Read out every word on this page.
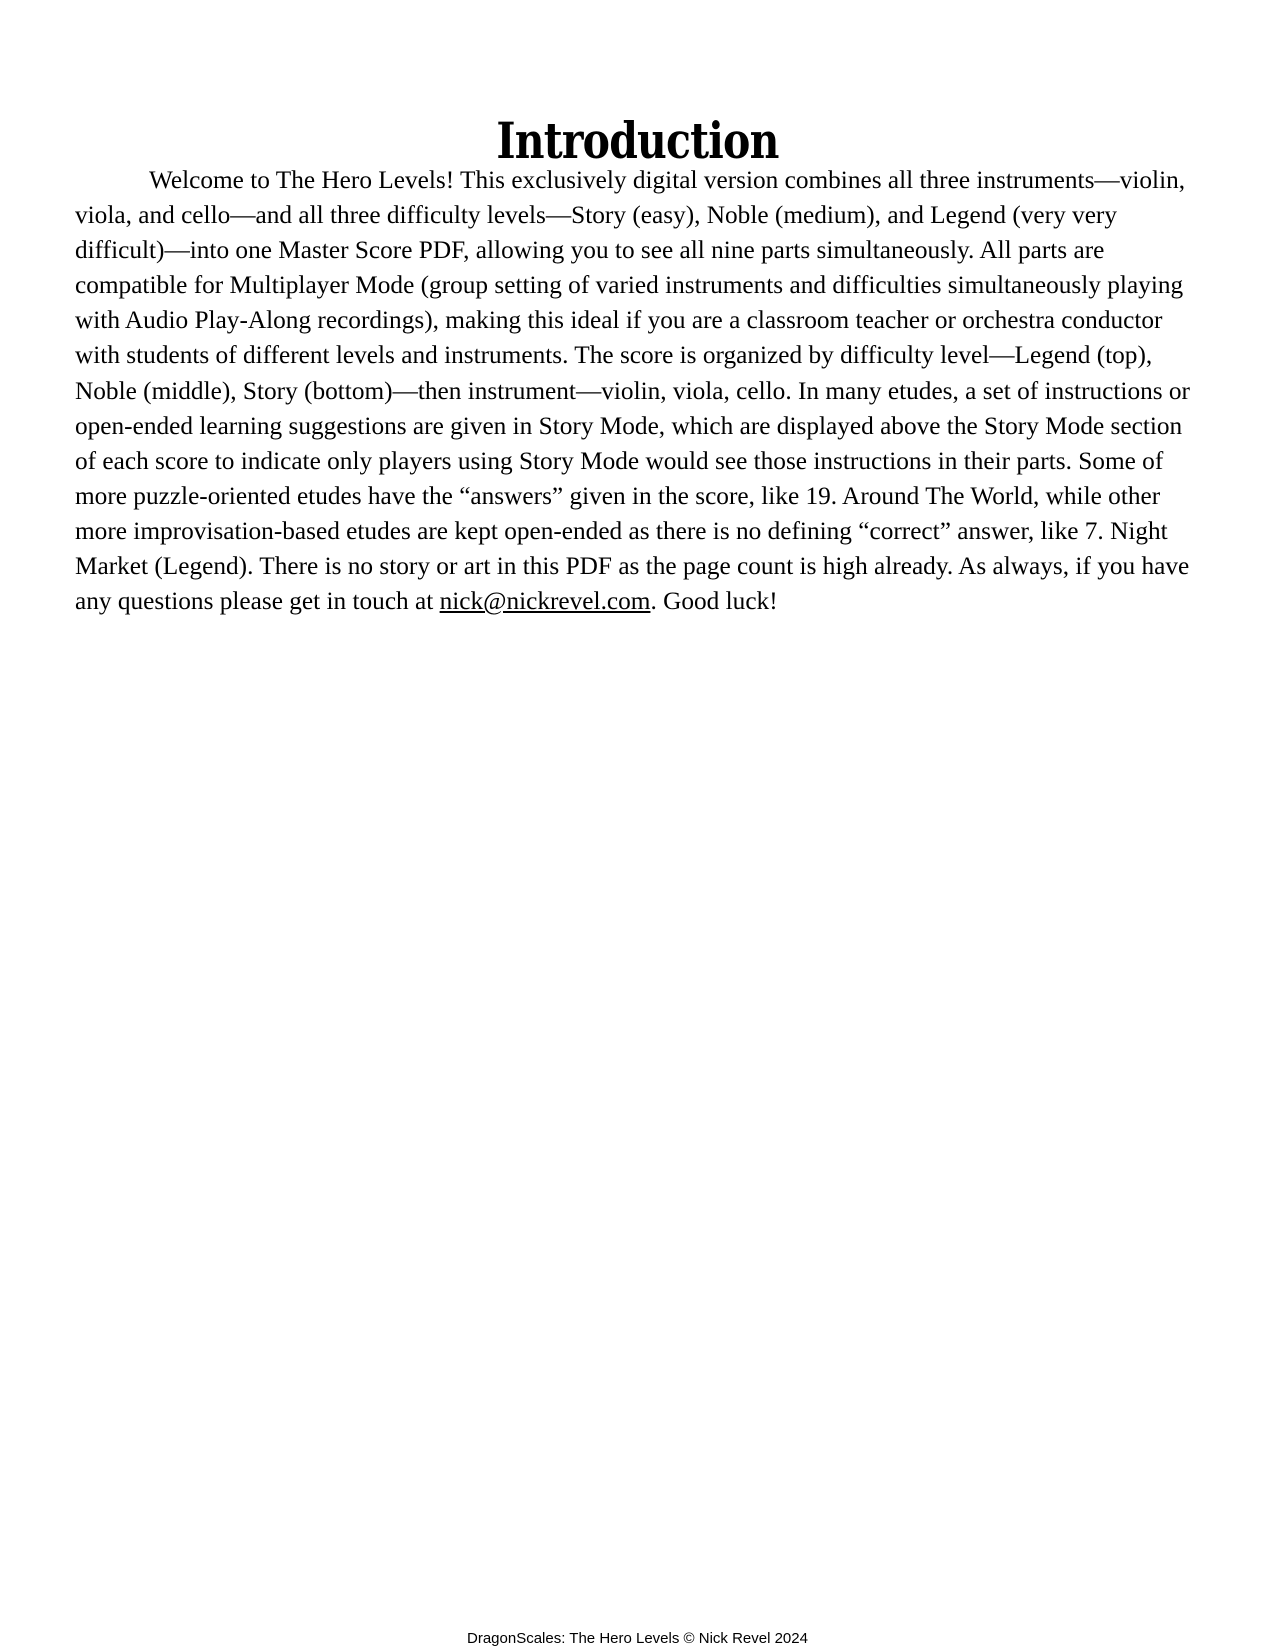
Introduction

Welcome to The Hero Levels! This exclusively digital version combines all three instruments—violin, viola, and cello—and all three difficulty levels—Story (easy), Noble (medium), and Legend (very very difficult)—into one Master Score PDF, allowing you to see all nine parts simultaneously. All parts are compatible for Multiplayer Mode (group setting of varied instruments and difficulties simultaneously playing with Audio Play-Along recordings), making this ideal if you are a classroom teacher or orchestra conductor with students of different levels and instruments. The score is organized by difficulty level—Legend (top), Noble (middle), Story (bottom)—then instrument—violin, viola, cello. In many etudes, a set of instructions or open-ended learning suggestions are given in Story Mode, which are displayed above the Story Mode section of each score to indicate only players using Story Mode would see those instructions in their parts. Some of more puzzle-oriented etudes have the “answers” given in the score, like 19. Around The World, while other more improvisation-based etudes are kept open-ended as there is no defining “correct” answer, like 7. Night Market (Legend). There is no story or art in this PDF as the page count is high already. As always, if you have any questions please get in touch at nick@nickrevel.com. Good luck!

DragonScales: The Hero Levels © Nick Revel 2024
